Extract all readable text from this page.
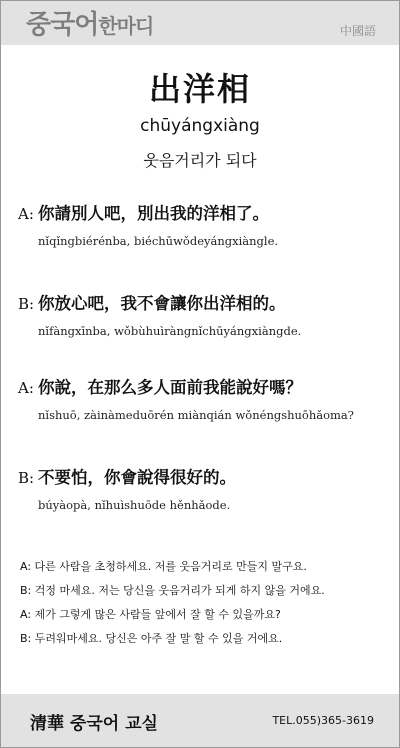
중국어한마디	中國語
出洋相
chūyángxiàng
웃음거리가 되다
A: 你請別人吧，別出我的洋相了。
nǐqǐngbiérénba, biéchūwǒdeyángxiàngle.
B: 你放心吧，我不會讓你出洋相的。
nǐfàngxīnba, wǒbùhuìràngnǐchūyángxiàngde.
A: 你說，在那么多人面前我能說好嗎？
nǐshuō, zàinàmeduōrén miànqián wǒnéngshuōhǎoma?
B: 不要怕，你會說得很好的。
búyàopà, nǐhuìshuōde hěnhǎode.
A: 다른 사람을 초청하세요. 저를 웃음거리로 만들지 말구요.
B: 걱정 마세요. 저는 당신을 웃음거리가 되게 하지 않을 거에요.
A: 제가 그렇게 많은 사람들 앞에서 잘 할 수 있을까요?
B: 두려워마세요. 당신은 아주 잘 말 할 수 있을 거에요.
清華 중국어 교실	TEL.055)365-3619
